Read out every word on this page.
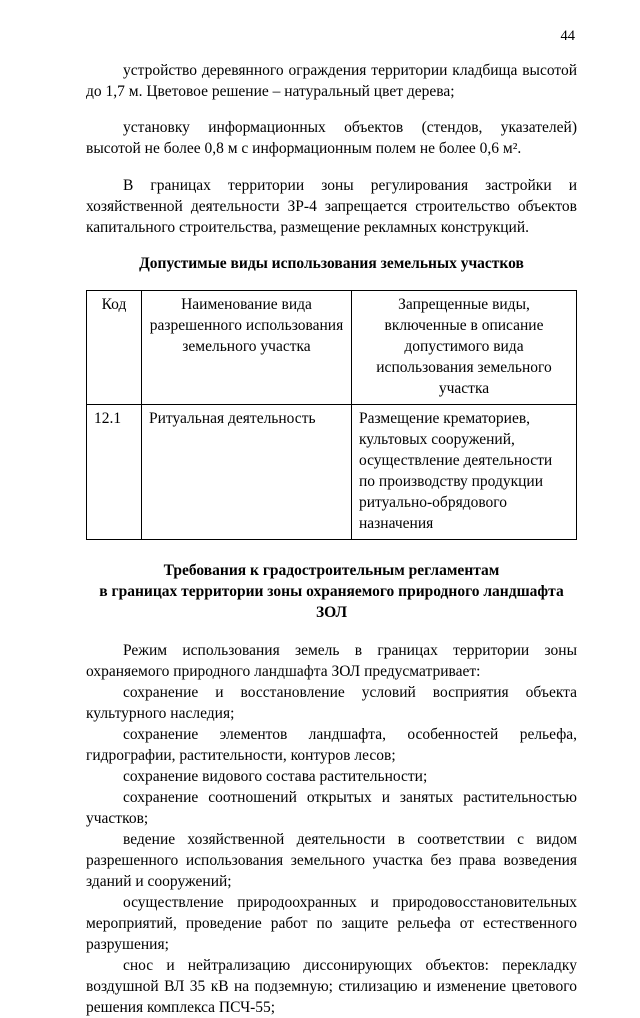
44

устройство деревянного ограждения территории кладбища высотой до 1,7 м. Цветовое решение – натуральный цвет дерева;

установку информационных объектов (стендов, указателей) высотой не более 0,8 м с информационным полем не более 0,6 м².

В границах территории зоны регулирования застройки и хозяйственной деятельности ЗР-4 запрещается строительство объектов капитального строительства, размещение рекламных конструкций.

Допустимые виды использования земельных участков
Код	Наименование вида разрешенного использования земельного участка	Запрещенные виды, включенные в описание допустимого вида использования земельного участка
12.1	Ритуальная деятельность	Размещение крематориев, культовых сооружений, осуществление деятельности по производству продукции ритуально-обрядового назначения
Требования к градостроительным регламентам
в границах территории зоны охраняемого природного ландшафта ЗОЛ

Режим использования земель в границах территории зоны охраняемого природного ландшафта ЗОЛ предусматривает:

сохранение и восстановление условий восприятия объекта культурного наследия;

сохранение элементов ландшафта, особенностей рельефа, гидрографии, растительности, контуров лесов;

сохранение видового состава растительности;

сохранение соотношений открытых и занятых растительностью участков;

ведение хозяйственной деятельности в соответствии с видом разрешенного использования земельного участка без права возведения зданий и сооружений;

осуществление природоохранных и природовосстановительных мероприятий, проведение работ по защите рельефа от естественного разрушения;

снос и нейтрализацию диссонирующих объектов: перекладку воздушной ВЛ 35 кВ на подземную; стилизацию и изменение цветового решения комплекса ПСЧ-55;
